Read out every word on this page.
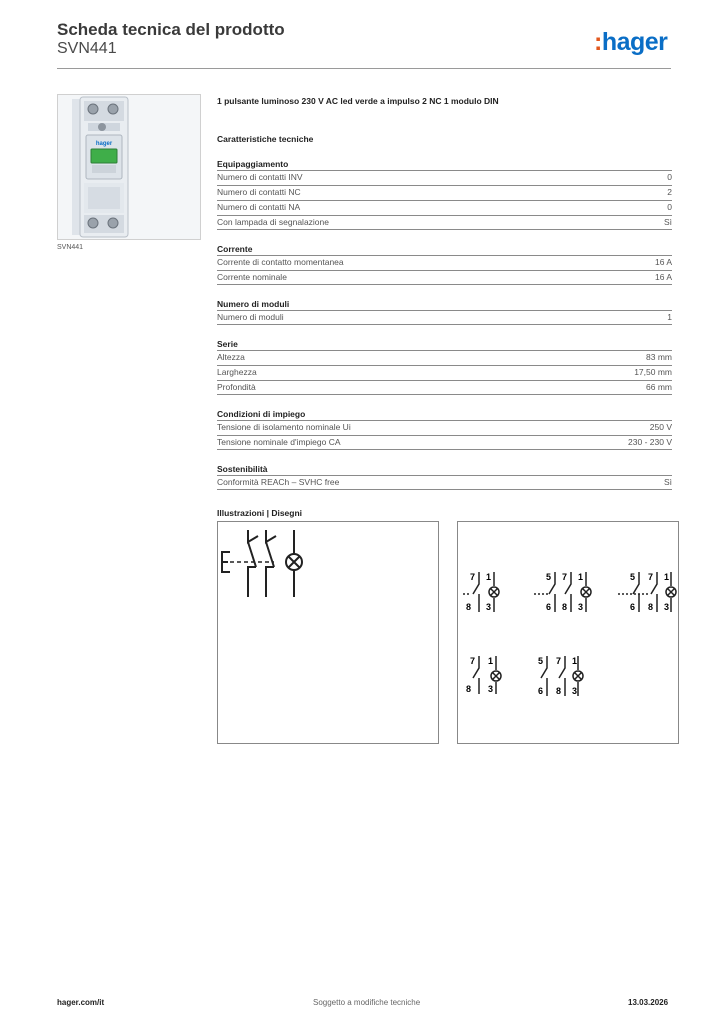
Scheda tecnica del prodotto
SVN441	:hager
hager
SVN441
1 pulsante luminoso 230 V AC led verde a impulso 2 NC 1 modulo DIN
Caratteristiche tecniche
Equipaggiamento
Numero di contatti INV	0
Numero di contatti NC	2
Numero di contatti NA	0
Con lampada di segnalazione	Sì
Corrente
Corrente di contatto momentanea	16 A
Corrente nominale	16 A
Numero di moduli
Numero di moduli	1
Serie
Altezza	83 mm
Larghezza	17,50 mm
Profondità	66 mm
Condizioni di impiego
Tensione di isolamento nominale Ui	250 V
Tensione nominale d'impiego CA	230 - 230 V
Sostenibilità
Conformità REACh – SVHC free	Sì
Illustrazioni | Disegni
7 1
8 3
5 7 1
6 8 3
5 7 1
6 8 3
7 1
8 3
5 7 1
6 8 3
hager.com/it	Soggetto a modifiche tecniche	13.03.2026
